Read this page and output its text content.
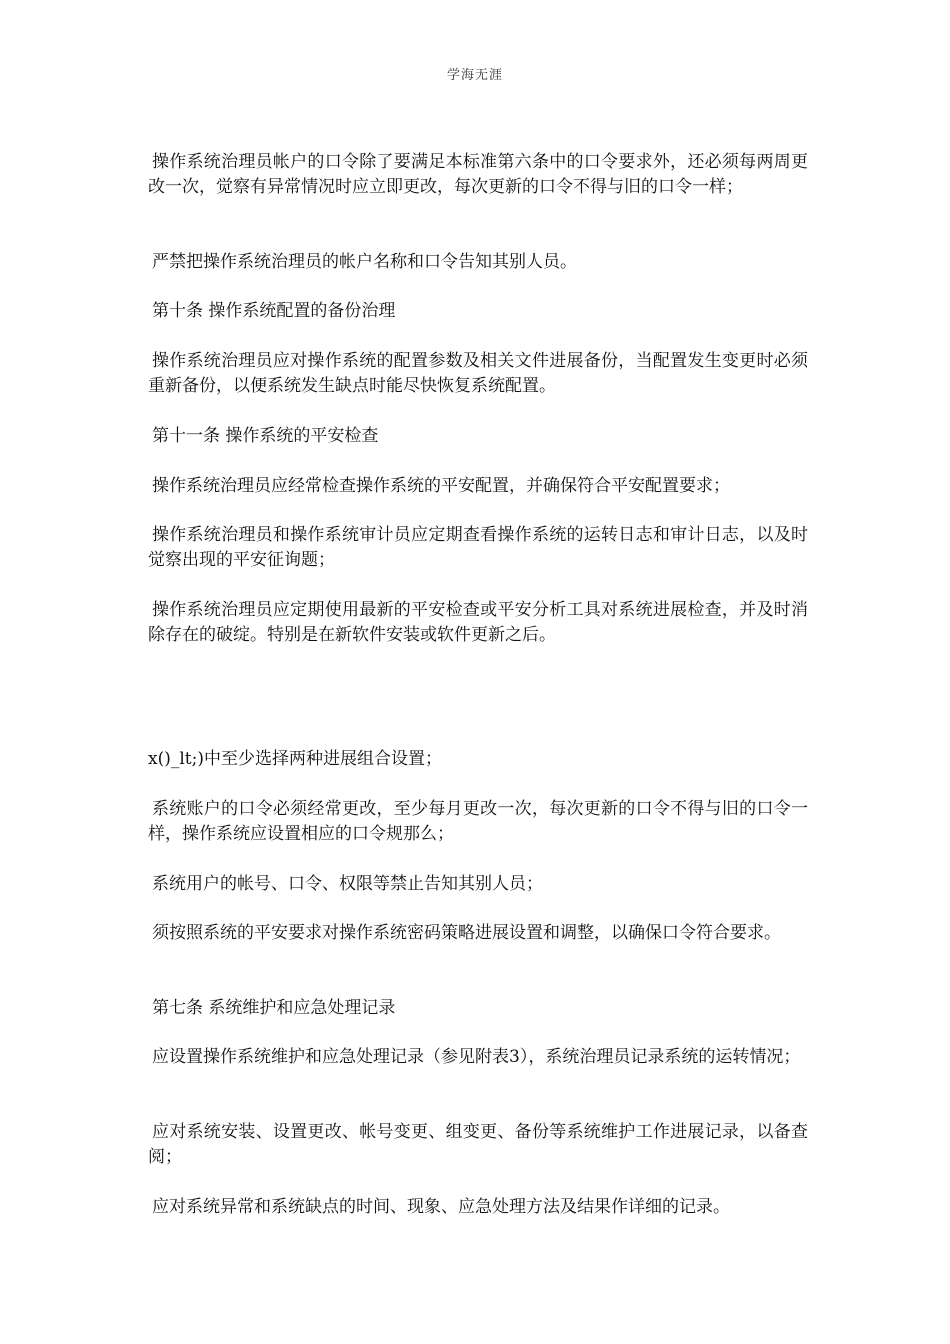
学海无涯

操作系统治理员帐户的口令除了要满足本标准第六条中的口令要求外，还必须每两周更改一次，觉察有异常情况时应立即更改，每次更新的口令不得与旧的口令一样；

严禁把操作系统治理员的帐户名称和口令告知其别人员。

第十条 操作系统配置的备份治理

操作系统治理员应对操作系统的配置参数及相关文件进展备份，当配置发生变更时必须重新备份，以便系统发生缺点时能尽快恢复系统配置。

第十一条 操作系统的平安检查

操作系统治理员应经常检查操作系统的平安配置，并确保符合平安配置要求；

操作系统治理员和操作系统审计员应定期查看操作系统的运转日志和审计日志，以及时觉察出现的平安征询题；

操作系统治理员应定期使用最新的平安检查或平安分析工具对系统进展检查，并及时消除存在的破绽。特别是在新软件安装或软件更新之后。

x()_lt;)中至少选择两种进展组合设置；

系统账户的口令必须经常更改，至少每月更改一次，每次更新的口令不得与旧的口令一样，操作系统应设置相应的口令规那么；

系统用户的帐号、口令、权限等禁止告知其别人员；

须按照系统的平安要求对操作系统密码策略进展设置和调整，以确保口令符合要求。

第七条 系统维护和应急处理记录

应设置操作系统维护和应急处理记录（参见附表3），系统治理员记录系统的运转情况；

应对系统安装、设置更改、帐号变更、组变更、备份等系统维护工作进展记录，以备查阅；

应对系统异常和系统缺点的时间、现象、应急处理方法及结果作详细的记录。
